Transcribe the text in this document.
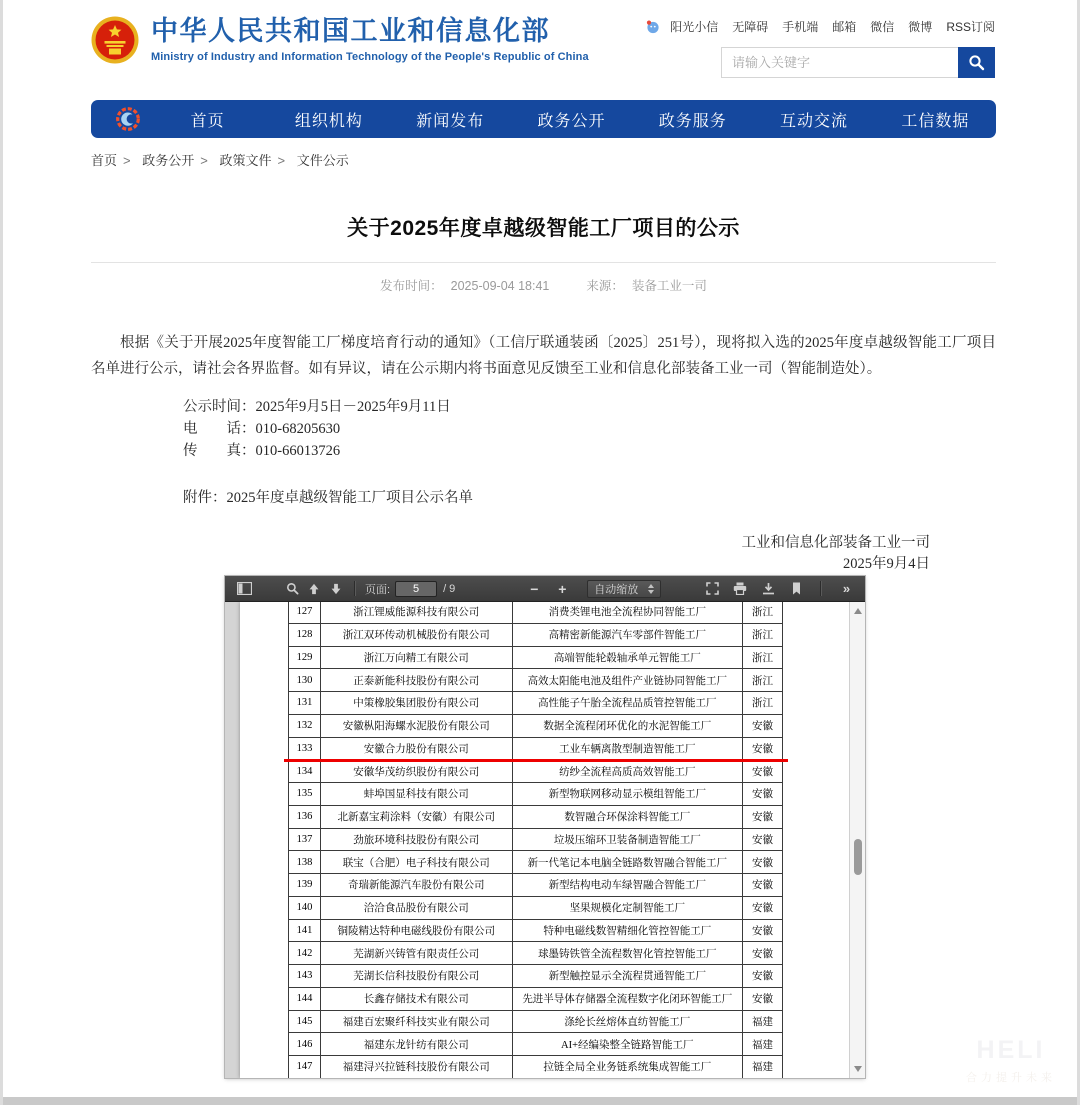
中华人民共和国工业和信息化部
Ministry of Industry and Information Technology of the People's Republic of China
阳光小信 无障碍 手机端 邮箱 微信 微博 RSS订阅
请输入关键字
首页	组织机构	新闻发布	政务公开	政务服务	互动交流	工信数据
首页 > 政务公开 > 政策文件 > 文件公示
关于2025年度卓越级智能工厂项目的公示
发布时间： 2025-09-04 18:41	来源： 装备工业一司

根据《关于开展2025年度智能工厂梯度培育行动的通知》（工信厅联通装函〔2025〕251号），现将拟入选的2025年度卓越级智能工厂项目名单进行公示，请社会各界监督。如有异议，请在公示期内将书面意见反馈至工业和信息化部装备工业一司（智能制造处）。

公示时间：2025年9月5日－2025年9月11日
电　　话：010-68205630
传　　真：010-66013726
附件：2025年度卓越级智能工厂项目公示名单
工业和信息化部装备工业一司
2025年9月4日
页面:
5	/ 9	−	+	自动缩放	»
127	浙江锂威能源科技有限公司	消费类锂电池全流程协同智能工厂	浙江
128	浙江双环传动机械股份有限公司	高精密新能源汽车零部件智能工厂	浙江
129	浙江万向精工有限公司	高端智能轮毂轴承单元智能工厂	浙江
130	正泰新能科技股份有限公司	高效太阳能电池及组件产业链协同智能工厂	浙江
131	中策橡胶集团股份有限公司	高性能子午胎全流程品质管控智能工厂	浙江
132	安徽枞阳海螺水泥股份有限公司	数据全流程闭环优化的水泥智能工厂	安徽
133	安徽合力股份有限公司	工业车辆离散型制造智能工厂	安徽
134	安徽华茂纺织股份有限公司	纺纱全流程高质高效智能工厂	安徽
135	蚌埠国显科技有限公司	新型物联网移动显示模组智能工厂	安徽
136	北新嘉宝莉涂料（安徽）有限公司	数智融合环保涂料智能工厂	安徽
137	劲旅环境科技股份有限公司	垃圾压缩环卫装备制造智能工厂	安徽
138	联宝（合肥）电子科技有限公司	新一代笔记本电脑全链路数智融合智能工厂	安徽
139	奇瑞新能源汽车股份有限公司	新型结构电动车绿智融合智能工厂	安徽
140	洽洽食品股份有限公司	坚果规模化定制智能工厂	安徽
141	铜陵精达特种电磁线股份有限公司	特种电磁线数智精细化管控智能工厂	安徽
142	芜湖新兴铸管有限责任公司	球墨铸铁管全流程数智化管控智能工厂	安徽
143	芜湖长信科技股份有限公司	新型触控显示全流程贯通智能工厂	安徽
144	长鑫存储技术有限公司	先进半导体存储器全流程数字化闭环智能工厂	安徽
145	福建百宏聚纤科技实业有限公司	涤纶长丝熔体直纺智能工厂	福建
146	福建东龙针纺有限公司	AI+经编染整全链路智能工厂	福建
147	福建浔兴拉链科技股份有限公司	拉链全局全业务链系统集成智能工厂	福建
HELI
合力提升未来
